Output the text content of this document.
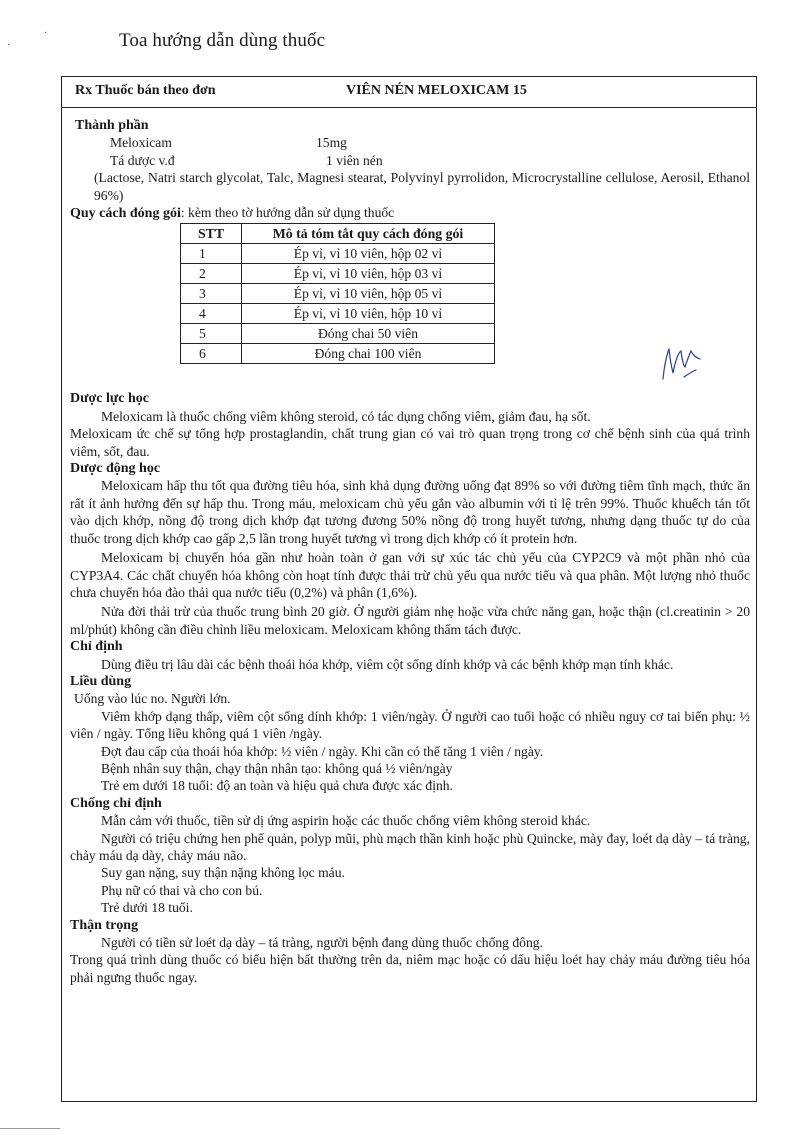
·
·	Toa hướng dẫn dùng thuốc
Rx Thuốc bán theo đơn	VIÊN NÉN MELOXICAM 15
Thành phần
Meloxicam	15mg
Tá dược v.đ	1 viên nén

(Lactose, Natri starch glycolat, Talc, Magnesi stearat, Polyvinyl pyrrolidon, Microcrystalline cellulose, Aerosil, Ethanol 96%)

Quy cách đóng gói: kèm theo tờ hướng dẫn sử dụng thuốc

STT	Mô tả tóm tắt quy cách đóng gói
1	Ép vỉ, vỉ 10 viên, hộp 02 vỉ
2	Ép vỉ, vỉ 10 viên, hộp 03 vỉ
3	Ép vỉ, vỉ 10 viên, hộp 05 vỉ
4	Ép vỉ, vỉ 10 viên, hộp 10 vỉ
5	Đóng chai 50 viên
6	Đóng chai 100 viên
Dược lực học

Meloxicam là thuốc chống viêm không steroid, có tác dụng chống viêm, giảm đau, hạ sốt.

Meloxicam ức chế sự tổng hợp prostaglandin, chất trung gian có vai trò quan trọng trong cơ chế bệnh sinh của quá trình viêm, sốt, đau.

Dược động học

Meloxicam hấp thu tốt qua đường tiêu hóa, sinh khả dụng đường uống đạt 89% so với đường tiêm tĩnh mạch, thức ăn rất ít ảnh hưởng đến sự hấp thu. Trong máu, meloxicam chủ yếu gắn vào albumin với tỉ lệ trên 99%. Thuốc khuếch tán tốt vào dịch khớp, nồng độ trong dịch khớp đạt tương đương 50% nồng độ trong huyết tương, nhưng dạng thuốc tự do của thuốc trong dịch khớp cao gấp 2,5 lần trong huyết tương vì trong dịch khớp có ít protein hơn.

Meloxicam bị chuyển hóa gần như hoàn toàn ở gan với sự xúc tác chủ yếu của CYP2C9 và một phần nhỏ của CYP3A4. Các chất chuyển hóa không còn hoạt tính được thải trừ chủ yếu qua nước tiểu và qua phân. Một lượng nhỏ thuốc chưa chuyển hóa đào thải qua nước tiểu (0,2%) và phân (1,6%).

Nửa đời thải trừ của thuốc trung bình 20 giờ. Ở người giảm nhẹ hoặc vừa chức năng gan, hoặc thận (cl.creatinin > 20 ml/phút) không cần điều chỉnh liều meloxicam. Meloxicam không thẩm tách được.

Chỉ định

Dùng điều trị lâu dài các bệnh thoái hóa khớp, viêm cột sống dính khớp và các bệnh khớp mạn tính khác.

Liều dùng

Uống vào lúc no. Người lớn.

Viêm khớp dạng thấp, viêm cột sống dính khớp: 1 viên/ngày. Ở người cao tuổi hoặc có nhiều nguy cơ tai biến phụ: ½ viên / ngày. Tổng liều không quá 1 viên /ngày.

Đợt đau cấp của thoái hóa khớp: ½ viên / ngày. Khi cần có thể tăng 1 viên / ngày.

Bệnh nhân suy thận, chạy thận nhân tạo: không quá ½ viên/ngày

Trẻ em dưới 18 tuổi: độ an toàn và hiệu quả chưa được xác định.

Chống chỉ định

Mẫn cảm với thuốc, tiền sử dị ứng aspirin hoặc các thuốc chống viêm không steroid khác.

Người có triệu chứng hen phế quản, polyp mũi, phù mạch thần kinh hoặc phù Quincke, mày đay, loét dạ dày – tá tràng, chảy máu dạ dày, chảy máu não.

Suy gan nặng, suy thận nặng không lọc máu.

Phụ nữ có thai và cho con bú.

Trẻ dưới 18 tuổi.

Thận trọng

Người có tiền sử loét dạ dày – tá tràng, người bệnh đang dùng thuốc chống đông.

Trong quá trình dùng thuốc có biểu hiện bất thường trên da, niêm mạc hoặc có dấu hiệu loét hay chảy máu đường tiêu hóa phải ngưng thuốc ngay.
